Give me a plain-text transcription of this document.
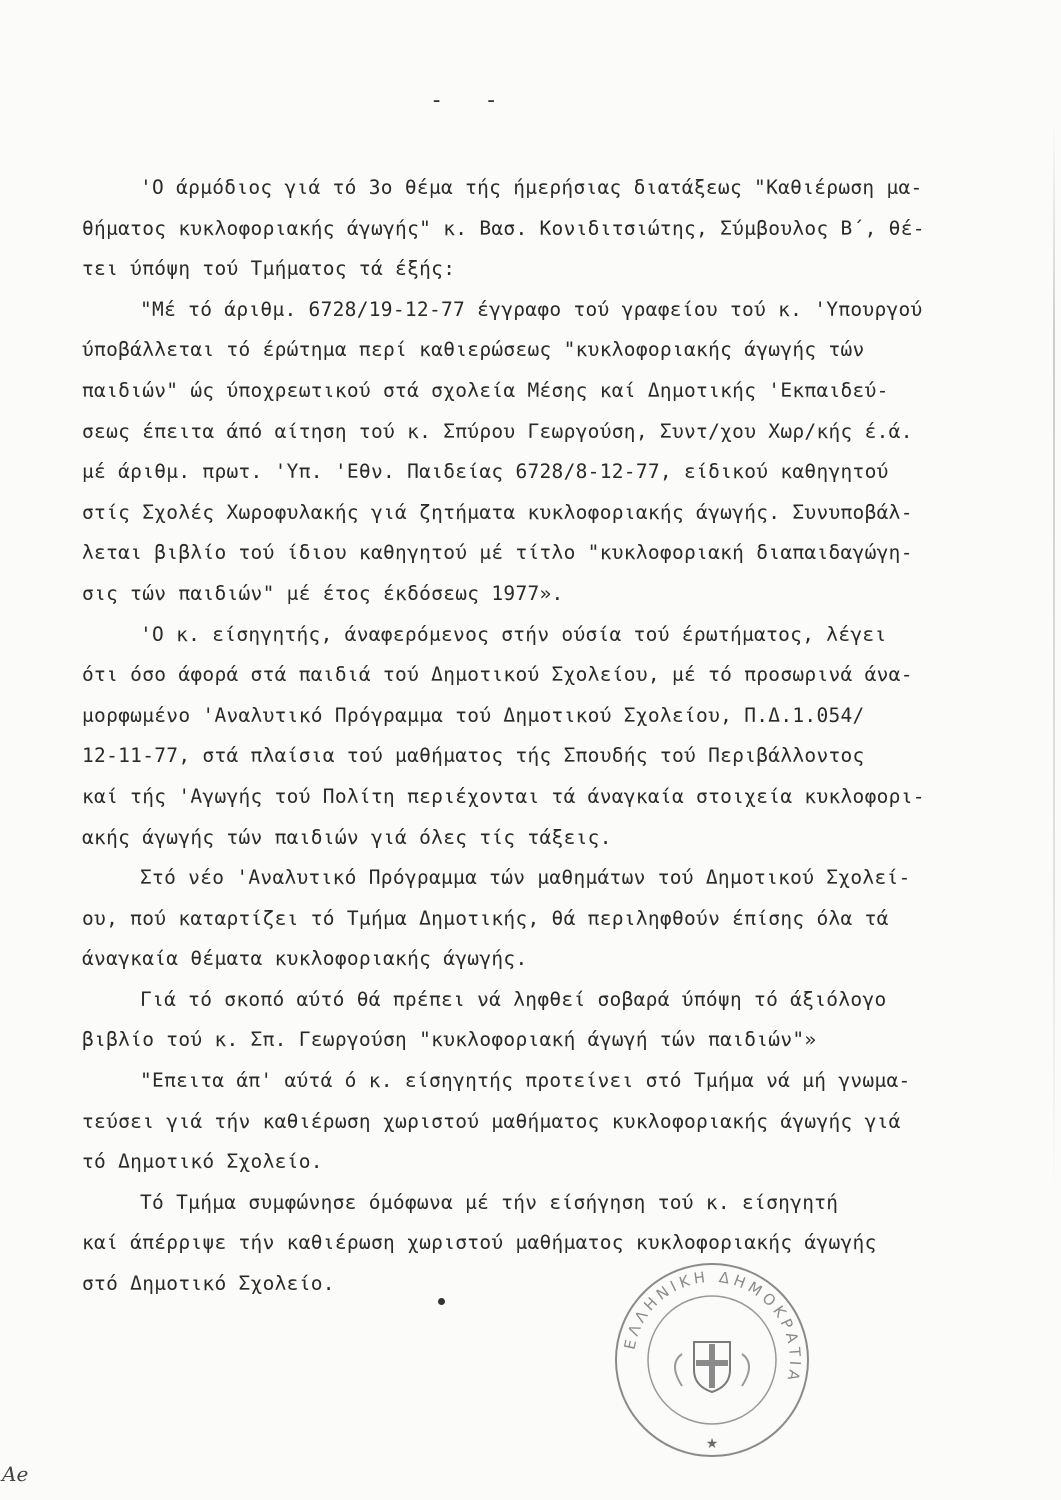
- -
'Ο άρμόδιος γιά τό 3ο θέμα τής ήμερήσιας διατάξεως "Καθιέρωση μα-
θήματος κυκλοφοριακής άγωγής" κ. Βασ. Κονιδιτσιώτης, Σύμβουλος Β΄, θέ-
τει ύπόψη τού Τμήματος τά έξής:
"Μέ τό άριθμ. 6728/19-12-77 έγγραφο τού γραφείου τού κ. 'Υπουργού
ύποβάλλεται τό έρώτημα περί καθιερώσεως "κυκλοφοριακής άγωγής τών
παιδιών" ώς ύποχρεωτικού στά σχολεία Μέσης καί Δημοτικής 'Εκπαιδεύ-
σεως έπειτα άπό αίτηση τού κ. Σπύρου Γεωργούση, Συντ/χου Χωρ/κής έ.ά.
μέ άριθμ. πρωτ. 'Υπ. 'Εθν. Παιδείας 6728/8-12-77, είδικού καθηγητού
στίς Σχολές Χωροφυλακής γιά ζητήματα κυκλοφοριακής άγωγής. Συνυποβάλ-
λεται βιβλίο τού ίδιου καθηγητού μέ τίτλο "κυκλοφοριακή διαπαιδαγώγη-
σις τών παιδιών" μέ έτος έκδόσεως 1977».
'Ο κ. είσηγητής, άναφερόμενος στήν ούσία τού έρωτήματος, λέγει
ότι όσο άφορά στά παιδιά τού Δημοτικού Σχολείου, μέ τό προσωρινά άνα-
μορφωμένο 'Αναλυτικό Πρόγραμμα τού Δημοτικού Σχολείου, Π.Δ.1.054/
12-11-77, στά πλαίσια τού μαθήματος τής Σπουδής τού Περιβάλλοντος
καί τής 'Αγωγής τού Πολίτη περιέχονται τά άναγκαία στοιχεία κυκλοφορι-
ακής άγωγής τών παιδιών γιά όλες τίς τάξεις.
Στό νέο 'Αναλυτικό Πρόγραμμα τών μαθημάτων τού Δημοτικού Σχολεί-
ου, πού καταρτίζει τό Τμήμα Δημοτικής, θά περιληφθούν έπίσης όλα τά
άναγκαία θέματα κυκλοφοριακής άγωγής.
Γιά τό σκοπό αύτό θά πρέπει νά ληφθεί σοβαρά ύπόψη τό άξιόλογο
βιβλίο τού κ. Σπ. Γεωργούση "κυκλοφοριακή άγωγή τών παιδιών"»
"Επειτα άπ' αύτά ό κ. είσηγητής προτείνει στό Τμήμα νά μή γνωμα-
τεύσει γιά τήν καθιέρωση χωριστού μαθήματος κυκλοφοριακής άγωγής γιά
τό Δημοτικό Σχολείο.
Τό Τμήμα συμφώνησε όμόφωνα μέ τήν είσήγηση τού κ. είσηγητή
καί άπέρριψε τήν καθιέρωση χωριστού μαθήματος κυκλοφοριακής άγωγής
στό Δημοτικό Σχολείο.
ΕΛΛΗΝΙΚΗ ΔΗΜΟΚΡΑΤΙΑ
★
Ae
